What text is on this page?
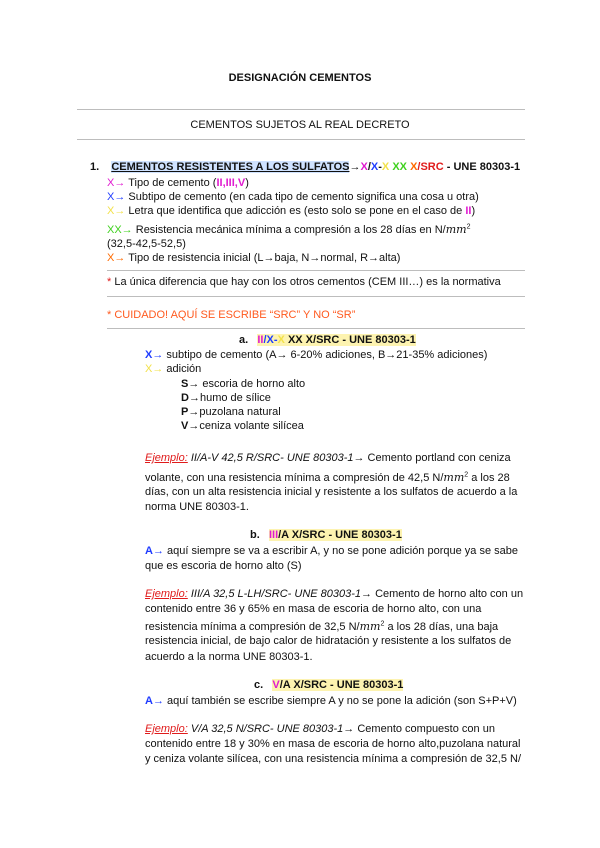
DESIGNACIÓN CEMENTOS
CEMENTOS SUJETOS AL REAL DECRETO
1. CEMENTOS RESISTENTES A LOS SULFATOS→X/X-X XX X/SRC - UNE 80303-1
X→ Tipo de cemento (II,III,V)
X→ Subtipo de cemento (en cada tipo de cemento significa una cosa u otra)
X→ Letra que identifica que adicción es (esto solo se pone en el caso de II)
XX→ Resistencia mecánica mínima a compresión a los 28 días en $N/mm^2$
(32,5-42,5-52,5)
X→ Tipo de resistencia inicial (L→baja, N→normal, R→alta)
* La única diferencia que hay con los otros cementos (CEM III…) es la normativa
* CUIDADO! AQUÍ SE ESCRIBE “SRC” Y NO “SR”
a. II/X-X XX X/SRC - UNE 80303-1
X→ subtipo de cemento (A→ 6-20% adiciones, B→21-35% adiciones)
X→ adición
S→ escoria de horno alto
D→humo de sílice
P→puzolana natural
V→ceniza volante silícea
Ejemplo: II/A-V 42,5 R/SRC- UNE 80303-1→ Cemento portland con ceniza
volante, con una resistencia mínima a compresión de 42,5 $N/mm^2$ a los 28
días, con un alta resistencia inicial y resistente a los sulfatos de acuerdo a la
norma UNE 80303-1.
b. III/A X/SRC - UNE 80303-1
A→ aquí siempre se va a escribir A, y no se pone adición porque ya se sabe
que es escoria de horno alto (S)
Ejemplo: III/A 32,5 L-LH/SRC- UNE 80303-1→ Cemento de horno alto con un
contenido entre 36 y 65% en masa de escoria de horno alto, con una
resistencia mínima a compresión de 32,5 $N/mm^2$ a los 28 días, una baja
resistencia inicial, de bajo calor de hidratación y resistente a los sulfatos de
acuerdo a la norma UNE 80303-1.
c. V/A X/SRC - UNE 80303-1
A→ aquí también se escribe siempre A y no se pone la adición (son S+P+V)
Ejemplo: V/A 32,5 N/SRC- UNE 80303-1→ Cemento compuesto con un
contenido entre 18 y 30% en masa de escoria de horno alto,puzolana natural
y ceniza volante silícea, con una resistencia mínima a compresión de 32,5 N/
